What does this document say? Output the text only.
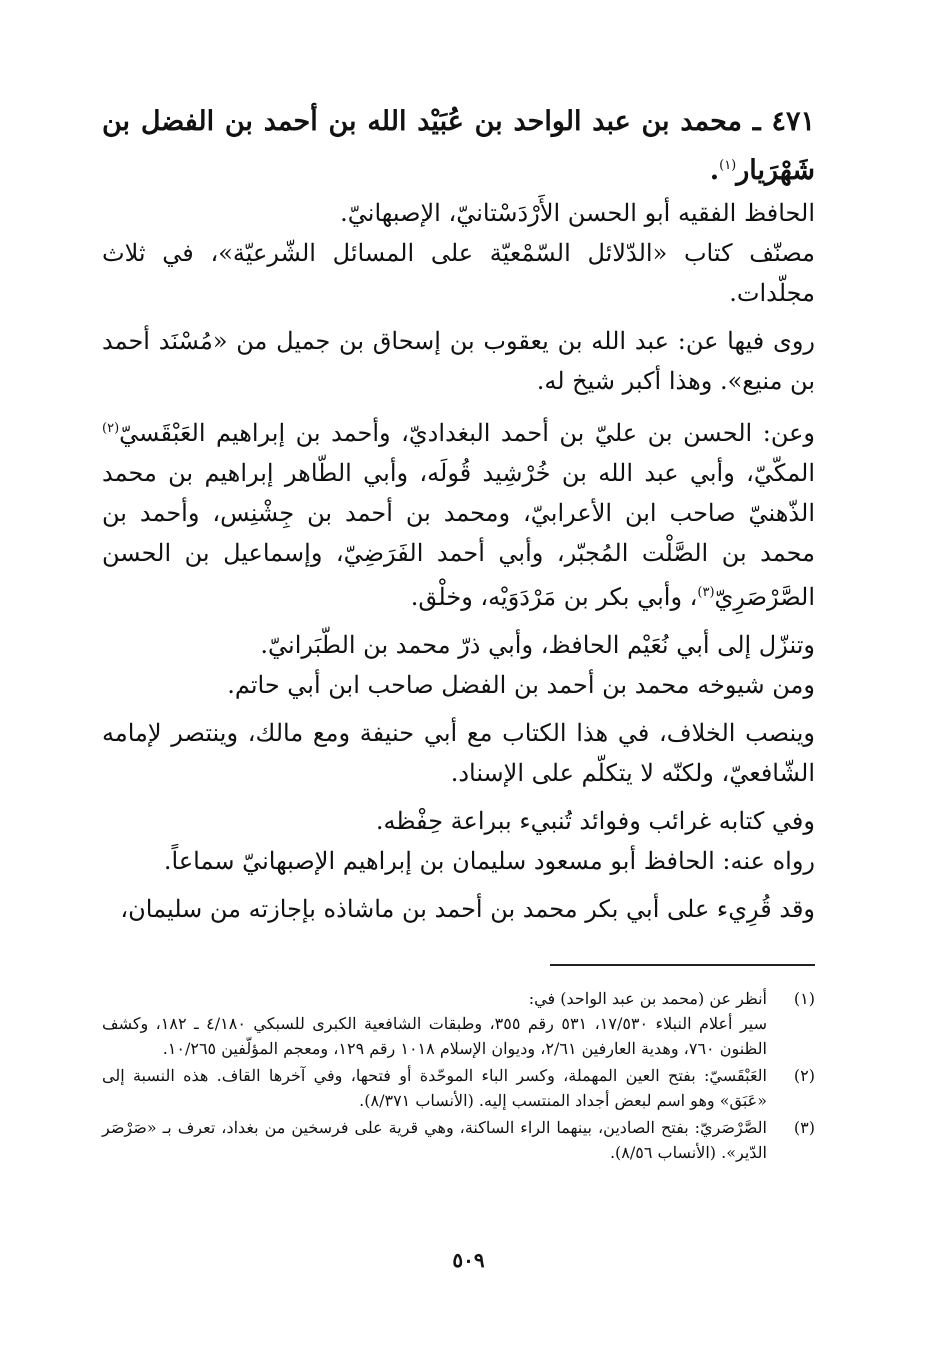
٤٧١ ـ محمد بن عبد الواحد بن عُبَيْد الله بن أحمد بن الفضل بن شَهْرَيار$^{(١)}$.

الحافظ الفقيه أبو الحسن الأَرْدَسْتانيّ، الإصبهانيّ.

مصنّف كتاب «الدّلائل السّمْعيّة على المسائل الشّرعيّة»، في ثلاث مجلّدات.

روى فيها عن: عبد الله بن يعقوب بن إسحاق بن جميل من «مُسْنَد أحمد بن منيع». وهذا أكبر شيخ له.

وعن: الحسن بن عليّ بن أحمد البغداديّ، وأحمد بن إبراهيم العَبْقَسيّ$^{(٢)}$ المكّيّ، وأبي عبد الله بن خُرْشِيد قُولَه، وأبي الطّاهر إبراهيم بن محمد الذّهنيّ صاحب ابن الأعرابيّ، ومحمد بن أحمد بن جِشْنِس، وأحمد بن محمد بن الصَّلْت المُجبّر، وأبي أحمد الفَرَضِيّ، وإسماعيل بن الحسن الصَّرْصَرِيّ$^{(٣)}$، وأبي بكر بن مَرْدَوَيْه، وخلْق.

وتنزّل إلى أبي نُعَيْم الحافظ، وأبي ذرّ محمد بن الطّبَرانيّ.

ومن شيوخه محمد بن أحمد بن الفضل صاحب ابن أبي حاتم.

وينصب الخلاف، في هذا الكتاب مع أبي حنيفة ومع مالك، وينتصر لإمامه الشّافعيّ، ولكنّه لا يتكلّم على الإسناد.

وفي كتابه غرائب وفوائد تُنبيء ببراعة حِفْظه.

رواه عنه: الحافظ أبو مسعود سليمان بن إبراهيم الإصبهانيّ سماعاً.

وقد قُرِيء على أبي بكر محمد بن أحمد بن ماشاذه بإجازته من سليمان،

(١)
أنظر عن (محمد بن عبد الواحد) في:
سير أعلام النبلاء ١٧/٥٣٠، ٥٣١ رقم ٣٥٥، وطبقات الشافعية الكبرى للسبكي ٤/١٨٠ ـ ١٨٢، وكشف الظنون ٧٦٠، وهدية العارفين ٢/٦١، وديوان الإسلام ١٠١٨ رقم ١٢٩، ومعجم المؤلّفين ١٠/٢٦٥.
(٢)
العَبْقَسيّ: بفتح العين المهملة، وكسر الباء الموحّدة أو فتحها، وفي آخرها القاف. هذه النسبة إلى «عَبَق» وهو اسم لبعض أجداد المنتسب إليه. (الأنساب ٨/٣٧١).
(٣)
الصَّرْصَريّ: بفتح الصادين، بينهما الراء الساكنة، وهي قرية على فرسخين من بغداد، تعرف بـ «صَرْصَر الدّير». (الأنساب ٨/٥٦).
٥٠٩
